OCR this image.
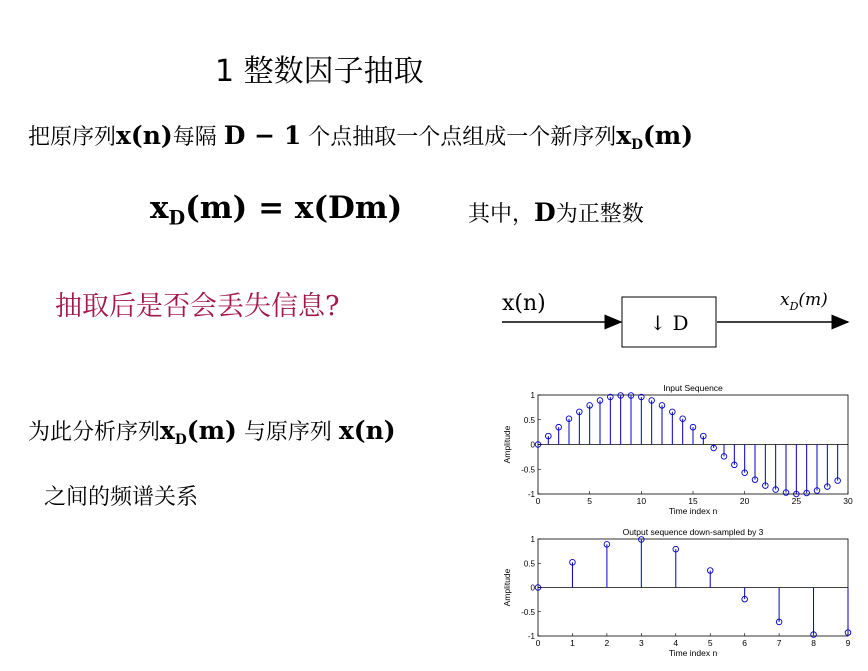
1 整数因子抽取
把原序列x(n)每隔 D − 1 个点抽取一个点组成一个新序列$x_D(m)$
$x_D(m) = x(Dm)$	其中，D为正整数
抽取后是否会丢失信息?	x(n)
↓ D
$x_D(m)$
为此分析序列$x_D(m)$ 与原序列 x(n)
之间的频谱关系
Input Sequence
0	5	10	15	20	25	30
-1
-0.5
0
0.5
1
Time index n
Amplitude
Output sequence down-sampled by 3
0	1	2	3	4	5	6	7	8	9
-1
-0.5
0
0.5
1
Time index n
Amplitude
